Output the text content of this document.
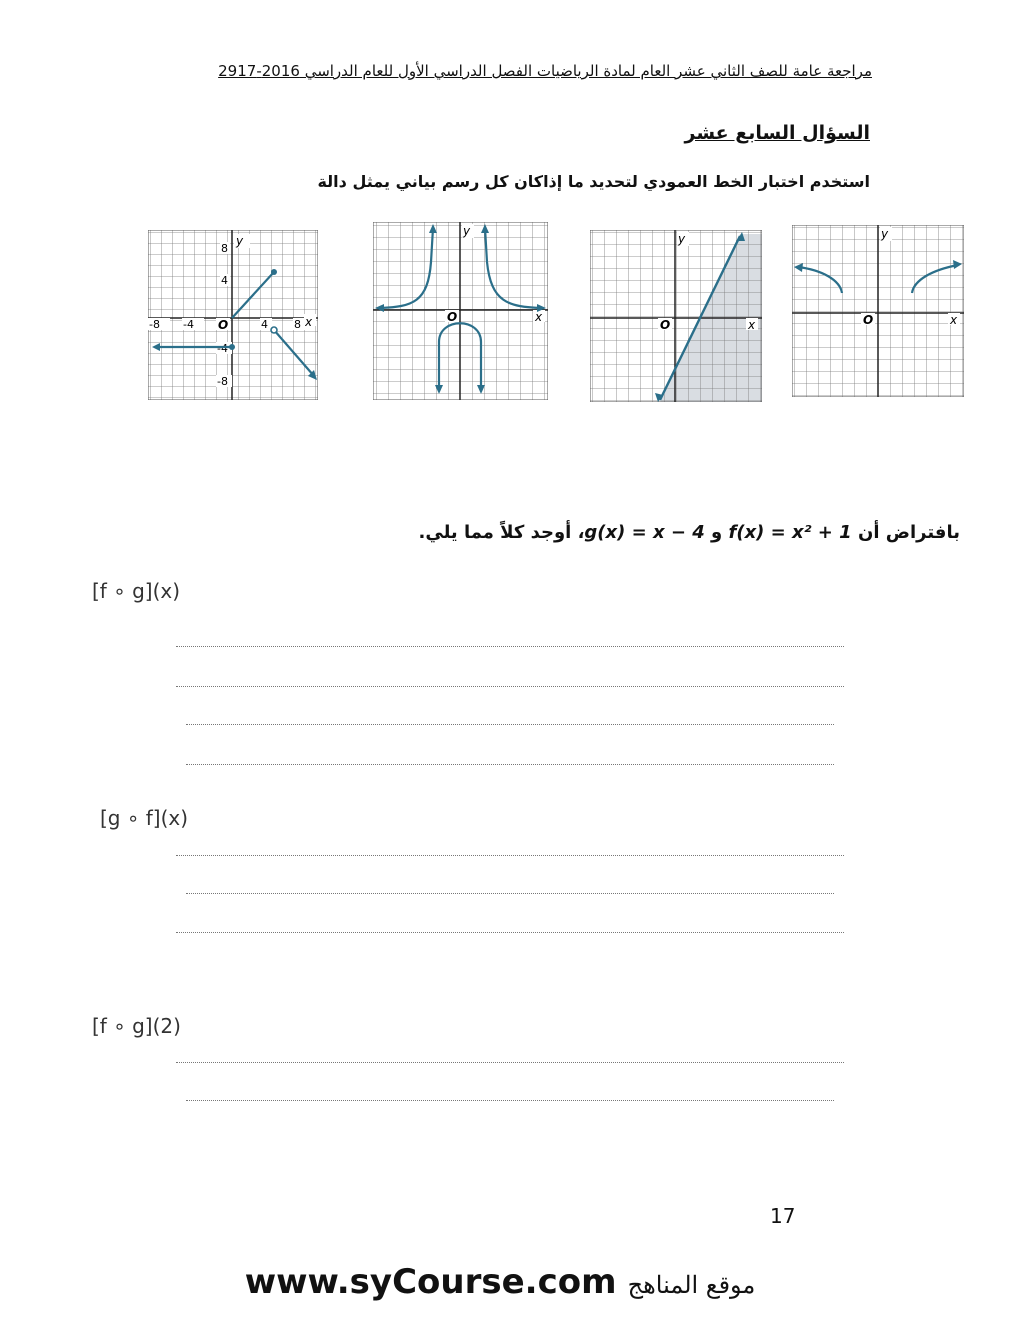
مراجعة عامة للصف الثاني عشر العام لمادة الرياضيات الفصل الدراسي الأول للعام الدراسي 2016-2917
السؤال السابع عشر
استخدم اختبار الخط العمودي لتحديد ما إذاكان كل رسم بياني يمثل دالة
y
x
O
8
4
-4
-8
-8 -4	4 8
y
x
O
y
x
O
y
x
O
بافتراض أن f(x) = x² + 1 و g(x) = x − 4، أوجد كلاً مما يلي.
[f ∘ g](x)
[g ∘ f](x)
[f ∘ g](2)
17
www.syCourse.com موقع المناهج
